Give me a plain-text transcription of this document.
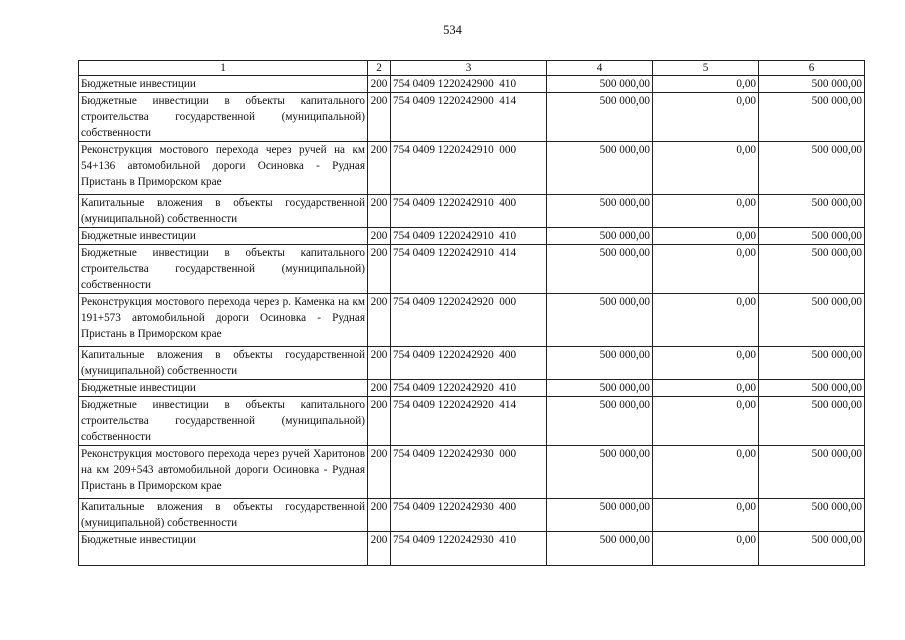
534
1	2	3	4	5	6
Бюджетные инвестиции	200	754 0409 1220242900  410	500 000,00	0,00	500 000,00
Бюджетные инвестиции в объекты капитального строительства государственной (муниципальной) собственности	200	754 0409 1220242900  414	500 000,00	0,00	500 000,00
Реконструкция мостового перехода через ручей на км 54+136 автомобильной дороги Осиновка - Рудная Пристань в Приморском крае	200	754 0409 1220242910  000	500 000,00	0,00	500 000,00
Капитальные вложения в объекты государственной (муниципальной) собственности	200	754 0409 1220242910  400	500 000,00	0,00	500 000,00
Бюджетные инвестиции	200	754 0409 1220242910  410	500 000,00	0,00	500 000,00
Бюджетные инвестиции в объекты капитального строительства государственной (муниципальной) собственности	200	754 0409 1220242910  414	500 000,00	0,00	500 000,00
Реконструкция мостового перехода через р. Каменка на км 191+573 автомобильной дороги Осиновка - Рудная Пристань в Приморском крае	200	754 0409 1220242920  000	500 000,00	0,00	500 000,00
Капитальные вложения в объекты государственной (муниципальной) собственности	200	754 0409 1220242920  400	500 000,00	0,00	500 000,00
Бюджетные инвестиции	200	754 0409 1220242920  410	500 000,00	0,00	500 000,00
Бюджетные инвестиции в объекты капитального строительства государственной (муниципальной) собственности	200	754 0409 1220242920  414	500 000,00	0,00	500 000,00
Реконструкция мостового перехода через ручей Харитонов на км 209+543 автомобильной дороги Осиновка - Рудная Пристань в Приморском крае	200	754 0409 1220242930  000	500 000,00	0,00	500 000,00
Капитальные вложения в объекты государственной (муниципальной) собственности	200	754 0409 1220242930  400	500 000,00	0,00	500 000,00
Бюджетные инвестиции	200	754 0409 1220242930  410	500 000,00	0,00	500 000,00
